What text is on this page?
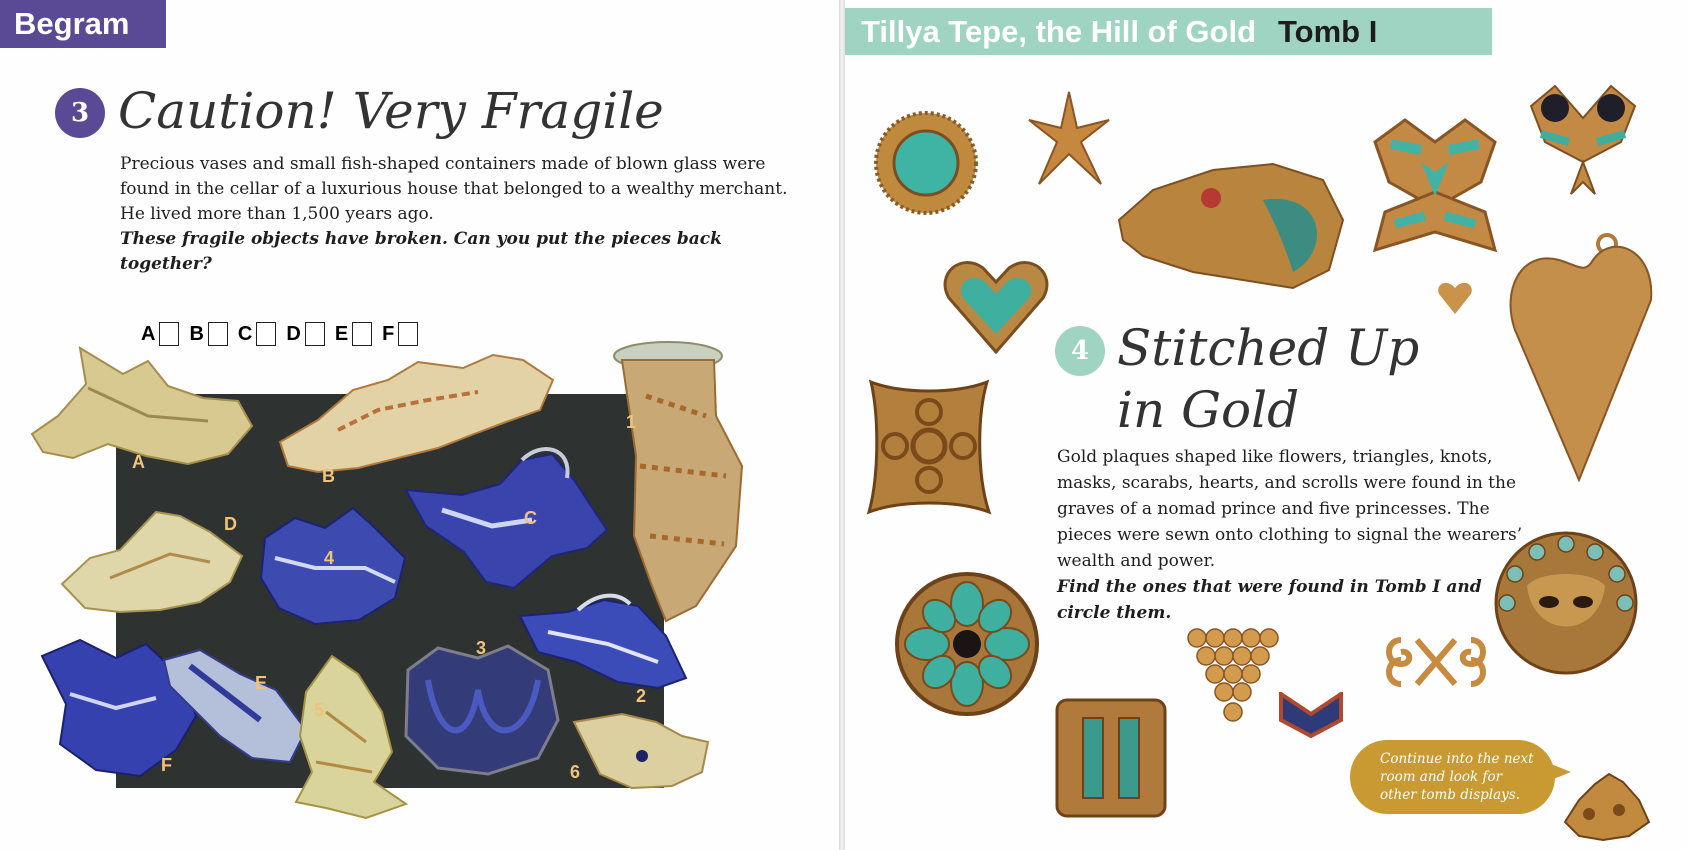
Begram
3 Caution! Very Fragile
Precious vases and small fish-shaped containers made of blown glass were found in the cellar of a luxurious house that belonged to a wealthy merchant. He lived more than 1,500 years ago.
These fragile objects have broken. Can you put the pieces back together?
A B C D E F
A
B
C
D
E
F
1
2
3
4
5
6
Tillya Tepe, the Hill of Gold Tomb I
4 Stitched Up
in Gold
Gold plaques shaped like flowers, triangles, knots, masks, scarabs, hearts, and scrolls were found in the graves of a nomad prince and five princesses. The pieces were sewn onto clothing to signal the wearers’ wealth and power.
Find the ones that were found in Tomb I and circle them.
Continue into the next room and look for other tomb displays.
